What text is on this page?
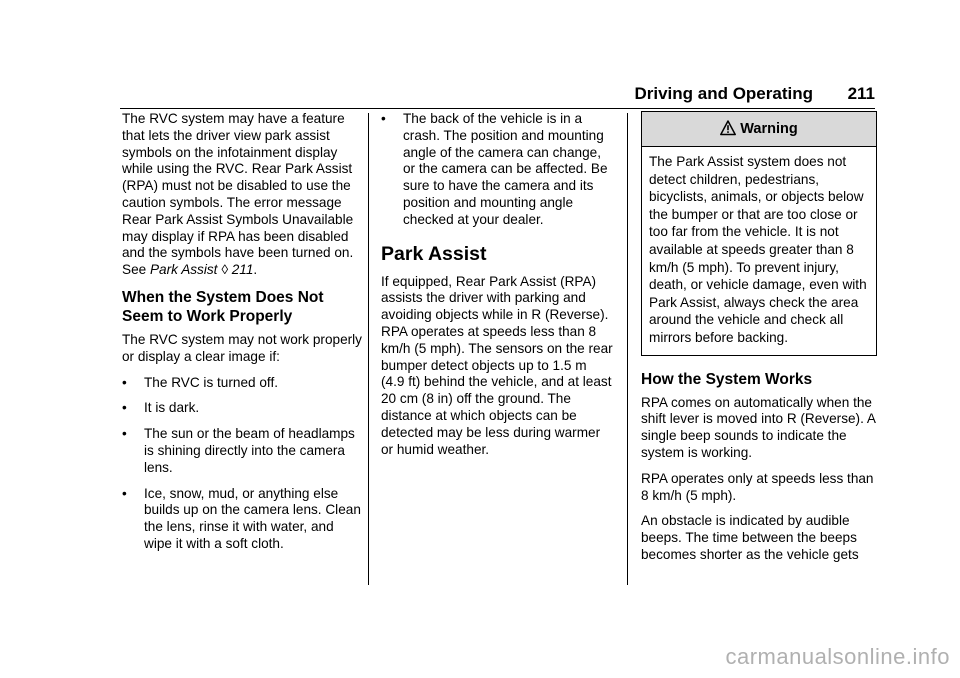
Driving and Operating 211

The RVC system may have a feature that lets the driver view park assist symbols on the infotainment display while using the RVC. Rear Park Assist (RPA) must not be disabled to use the caution symbols. The error message Rear Park Assist Symbols Unavailable may display if RPA has been disabled and the symbols have been turned on. See Park Assist ◊ 211.

When the System Does Not
Seem to Work Properly

The RVC system may not work properly or display a clear image if:

• The RVC is turned off.
• It is dark.
• The sun or the beam of headlamps is shining directly into the camera lens.
• Ice, snow, mud, or anything else builds up on the camera lens. Clean the lens, rinse it with water, and wipe it with a soft cloth.
• The back of the vehicle is in a crash. The position and mounting angle of the camera can change, or the camera can be affected. Be sure to have the camera and its position and mounting angle checked at your dealer.
Park Assist

If equipped, Rear Park Assist (RPA) assists the driver with parking and avoiding objects while in R (Reverse). RPA operates at speeds less than 8 km/h (5 mph). The sensors on the rear bumper detect objects up to 1.5 m (4.9 ft) behind the vehicle, and at least 20 cm (8 in) off the ground. The distance at which objects can be detected may be less during warmer or humid weather.

Warning
The Park Assist system does not detect children, pedestrians, bicyclists, animals, or objects below the bumper or that are too close or too far from the vehicle. It is not available at speeds greater than 8 km/h (5 mph). To prevent injury, death, or vehicle damage, even with Park Assist, always check the area around the vehicle and check all mirrors before backing.
How the System Works

RPA comes on automatically when the shift lever is moved into R (Reverse). A single beep sounds to indicate the system is working.

RPA operates only at speeds less than 8 km/h (5 mph).

An obstacle is indicated by audible beeps. The time between the beeps becomes shorter as the vehicle gets

carmanualsonline.info
